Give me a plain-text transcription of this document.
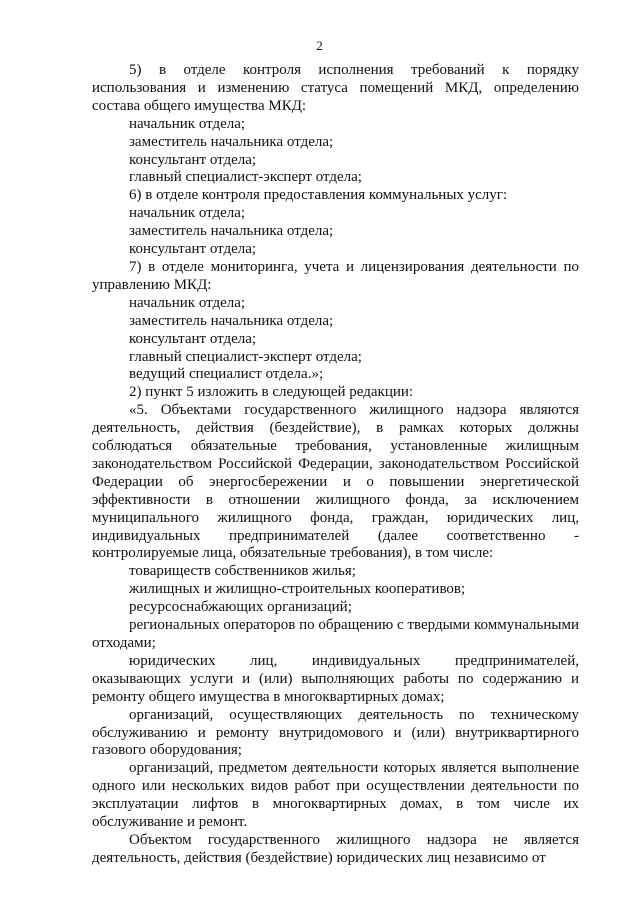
2

5) в отделе контроля исполнения требований к порядку использования и изменению статуса помещений МКД, определению состава общего имущества МКД:

начальник отдела;

заместитель начальника отдела;

консультант отдела;

главный специалист-эксперт отдела;

6) в отделе контроля предоставления коммунальных услуг:

начальник отдела;

заместитель начальника отдела;

консультант отдела;

7) в отделе мониторинга, учета и лицензирования деятельности по управлению МКД:

начальник отдела;

заместитель начальника отдела;

консультант отдела;

главный специалист-эксперт отдела;

ведущий специалист отдела.»;

2) пункт 5 изложить в следующей редакции:

«5. Объектами государственного жилищного надзора являются деятельность, действия (бездействие), в рамках которых должны соблюдаться обязательные требования, установленные жилищным законодательством Российской Федерации, законодательством Российской Федерации об энергосбережении и о повышении энергетической эффективности в отношении жилищного фонда, за исключением муниципального жилищного фонда, граждан, юридических лиц, индивидуальных предпринимателей (далее соответственно - контролируемые лица, обязательные требования), в том числе:

товариществ собственников жилья;

жилищных и жилищно-строительных кооперативов;

ресурсоснабжающих организаций;

региональных операторов по обращению с твердыми коммунальными отходами;

юридических лиц, индивидуальных предпринимателей, оказывающих услуги и (или) выполняющих работы по содержанию и ремонту общего имущества в многоквартирных домах;

организаций, осуществляющих деятельность по техническому обслуживанию и ремонту внутридомового и (или) внутриквартирного газового оборудования;

организаций, предметом деятельности которых является выполнение одного или нескольких видов работ при осуществлении деятельности по эксплуатации лифтов в многоквартирных домах, в том числе их обслуживание и ремонт.

Объектом государственного жилищного надзора не является деятельность, действия (бездействие) юридических лиц независимо от
